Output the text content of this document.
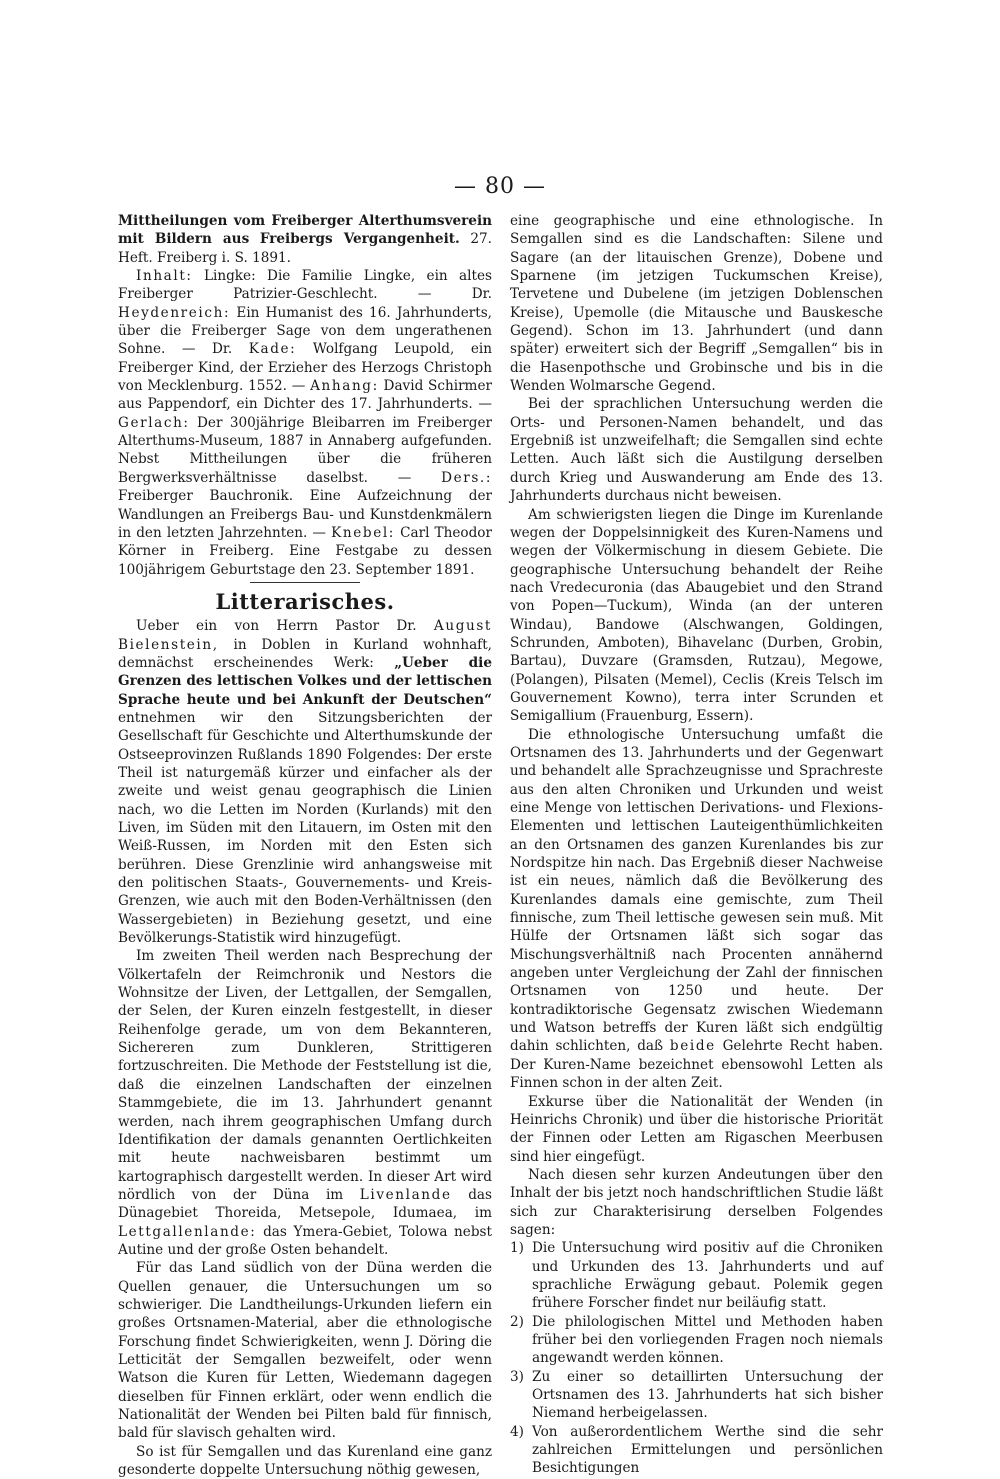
— 80 —

Mittheilungen vom Freiberger Alterthumsverein mit Bildern aus Freibergs Vergangenheit. 27. Heft. Freiberg i. S. 1891.

Inhalt: Lingke: Die Familie Lingke, ein altes Freiberger Patrizier-Geschlecht. — Dr. Heydenreich: Ein Humanist des 16. Jahrhunderts, über die Freiberger Sage von dem ungerathenen Sohne. — Dr. Kade: Wolfgang Leupold, ein Freiberger Kind, der Erzieher des Herzogs Christoph von Mecklenburg. 1552. — Anhang: David Schirmer aus Pappendorf, ein Dichter des 17. Jahrhunderts. — Gerlach: Der 300jährige Bleibarren im Freiberger Alterthums-Museum, 1887 in Annaberg aufgefunden. Nebst Mittheilungen über die früheren Bergwerksverhältnisse daselbst. — Ders.: Freiberger Bauchronik. Eine Aufzeichnung der Wandlungen an Freibergs Bau- und Kunstdenkmälern in den letzten Jahrzehnten. — Knebel: Carl Theodor Körner in Freiberg. Eine Festgabe zu dessen 100jährigem Geburtstage den 23. September 1891.

Litterarisches.

Ueber ein von Herrn Pastor Dr. August Bielenstein, in Doblen in Kurland wohnhaft, demnächst erscheinendes Werk: „Ueber die Grenzen des lettischen Volkes und der lettischen Sprache heute und bei Ankunft der Deutschen“ entnehmen wir den Sitzungsberichten der Gesellschaft für Geschichte und Alterthumskunde der Ostseeprovinzen Rußlands 1890 Folgendes: Der erste Theil ist naturgemäß kürzer und einfacher als der zweite und weist genau geographisch die Linien nach, wo die Letten im Norden (Kurlands) mit den Liven, im Süden mit den Litauern, im Osten mit den Weiß-Russen, im Norden mit den Esten sich berühren. Diese Grenzlinie wird anhangsweise mit den politischen Staats-, Gouvernements- und Kreis-Grenzen, wie auch mit den Boden-Verhältnissen (den Wassergebieten) in Beziehung gesetzt, und eine Bevölkerungs-Statistik wird hinzugefügt.

Im zweiten Theil werden nach Besprechung der Völkertafeln der Reimchronik und Nestors die Wohnsitze der Liven, der Lettgallen, der Semgallen, der Selen, der Kuren einzeln festgestellt, in dieser Reihenfolge gerade, um von dem Bekannteren, Sichereren zum Dunkleren, Strittigeren fortzuschreiten. Die Methode der Feststellung ist die, daß die einzelnen Landschaften der einzelnen Stammgebiete, die im 13. Jahrhundert genannt werden, nach ihrem geographischen Umfang durch Identifikation der damals genannten Oertlichkeiten mit heute nachweisbaren bestimmt um kartographisch dargestellt werden. In dieser Art wird nördlich von der Düna im Livenlande das Dünagebiet Thoreida, Metsepole, Idumaea, im Lettgallenlande: das Ymera-Gebiet, Tolowa nebst Autine und der große Osten behandelt.

Für das Land südlich von der Düna werden die Quellen genauer, die Untersuchungen um so schwieriger. Die Landtheilungs-Urkunden liefern ein großes Ortsnamen-Material, aber die ethnologische Forschung findet Schwierigkeiten, wenn J. Döring die Letticität der Semgallen bezweifelt, oder wenn Watson die Kuren für Letten, Wiedemann dagegen dieselben für Finnen erklärt, oder wenn endlich die Nationalität der Wenden bei Pilten bald für finnisch, bald für slavisch gehalten wird.

So ist für Semgallen und das Kurenland eine ganz gesonderte doppelte Untersuchung nöthig gewesen,

eine geographische und eine ethnologische. In Semgallen sind es die Landschaften: Silene und Sagare (an der litauischen Grenze), Dobene und Sparnene (im jetzigen Tuckumschen Kreise), Tervetene und Dubelene (im jetzigen Doblenschen Kreise), Upemolle (die Mitausche und Bauskesche Gegend). Schon im 13. Jahrhundert (und dann später) erweitert sich der Begriff „Semgallen“ bis in die Hasenpothsche und Grobinsche und bis in die Wenden Wolmarsche Gegend.

Bei der sprachlichen Untersuchung werden die Orts- und Personen-Namen behandelt, und das Ergebniß ist unzweifelhaft; die Semgallen sind echte Letten. Auch läßt sich die Austilgung derselben durch Krieg und Auswanderung am Ende des 13. Jahrhunderts durchaus nicht beweisen.

Am schwierigsten liegen die Dinge im Kurenlande wegen der Doppelsinnigkeit des Kuren-Namens und wegen der Völkermischung in diesem Gebiete. Die geographische Untersuchung behandelt der Reihe nach Vredecuronia (das Abaugebiet und den Strand von Popen—Tuckum), Winda (an der unteren Windau), Bandowe (Alschwangen, Goldingen, Schrunden, Amboten), Bihavelanc (Durben, Grobin, Bartau), Duvzare (Gramsden, Rutzau), Megowe, (Polangen), Pilsaten (Memel), Ceclis (Kreis Telsch im Gouvernement Kowno), terra inter Scrunden et Semigallium (Frauenburg, Essern).

Die ethnologische Untersuchung umfaßt die Ortsnamen des 13. Jahrhunderts und der Gegenwart und behandelt alle Sprachzeugnisse und Sprachreste aus den alten Chroniken und Urkunden und weist eine Menge von lettischen Derivations- und Flexions-Elementen und lettischen Lauteigenthümlichkeiten an den Ortsnamen des ganzen Kurenlandes bis zur Nordspitze hin nach. Das Ergebniß dieser Nachweise ist ein neues, nämlich daß die Bevölkerung des Kurenlandes damals eine gemischte, zum Theil finnische, zum Theil lettische gewesen sein muß. Mit Hülfe der Ortsnamen läßt sich sogar das Mischungsverhältniß nach Procenten annähernd angeben unter Vergleichung der Zahl der finnischen Ortsnamen von 1250 und heute. Der kontradiktorische Gegensatz zwischen Wiedemann und Watson betreffs der Kuren läßt sich endgültig dahin schlichten, daß beide Gelehrte Recht haben. Der Kuren-Name bezeichnet ebensowohl Letten als Finnen schon in der alten Zeit.

Exkurse über die Nationalität der Wenden (in Heinrichs Chronik) und über die historische Priorität der Finnen oder Letten am Rigaschen Meerbusen sind hier eingefügt.

Nach diesen sehr kurzen Andeutungen über den Inhalt der bis jetzt noch handschriftlichen Studie läßt sich zur Charakterisirung derselben Folgendes sagen:

1) Die Untersuchung wird positiv auf die Chroniken und Urkunden des 13. Jahrhunderts und auf sprachliche Erwägung gebaut. Polemik gegen frühere Forscher findet nur beiläufig statt.
2) Die philologischen Mittel und Methoden haben früher bei den vorliegenden Fragen noch niemals angewandt werden können.
3) Zu einer so detaillirten Untersuchung der Ortsnamen des 13. Jahrhunderts hat sich bisher Niemand herbeigelassen.
4) Von außerordentlichem Werthe sind die sehr zahlreichen Ermittelungen und persönlichen Besichtigungen
